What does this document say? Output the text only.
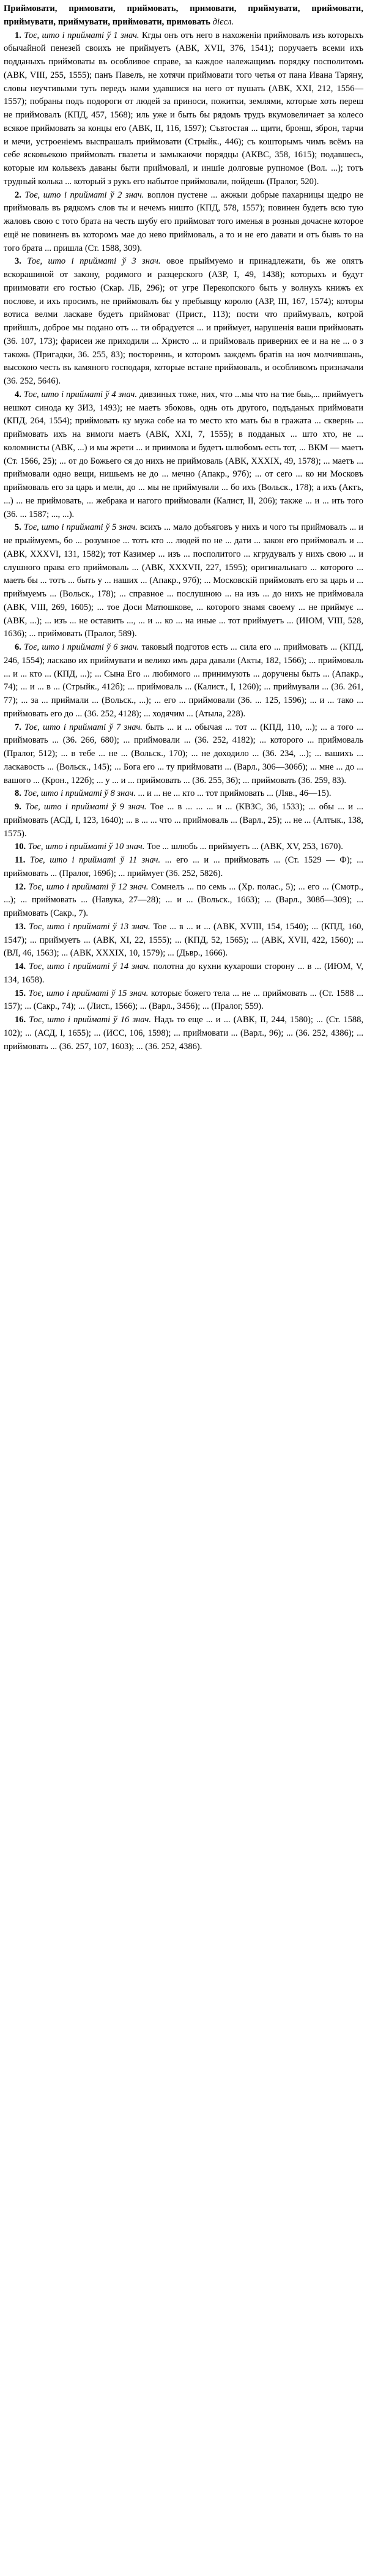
Приймовати, примовати, приймовать, примовати, приймувати, приймовати, приймувати, приймувати, приймовати, примовать дієсл.

1. Тоє, што і прийматі ў 1 знач. Кгды онъ отъ него в нахоженіи приймовалъ изъ которыхъ обычайной пенезей своихъ не приймуетъ (АВК, XVII, 376, 1541); поручаетъ всеми ихъ подданыхъ приймоваты въ особливое справе, за каждое належащимъ порядку посполитомъ (АВК, VIII, 255, 1555); панъ Павелъ, не хотячи приймовати того четья от пана Ивана Таряну, словы неучтивыми туть передъ нами удавшися на него от пушать (АВК, XXI, 212, 1556—1557); побраны подъ подороги от людей за приноси, пожитки, землями, которые хоть переш не приймовалъ (КПД, 457, 1568); иль уже и быть бы рядомъ трудъ вкумовеличает за колесо всякое приймовать за концы его (АВК, II, 116, 1597); Съвтостая ... щити, бронш, зброн, тарчи и мечи, устроеніемъ выспрашалъ приймовати (Стрыйк., 446); съ кошторымъ чимъ всёмъ на себе ясковьекою приймовать гвазеты и замыкаючи порядцы (АКВС, 358, 1615); подавшесь, которые им кольвекъ даваны быти приймовалі, и иншіе долговые рупномое (Вол. ...); тотъ трудный колька ... который з рукъ его набытое приймовали, пойдешь (Пралог, 520).

2. Тоє, што і прийматі ў 2 знач. воплон пустене ... ажжыи добрые пахарницы щедро не приймоваль въ рядкомъ слов ты и нечемъ ништо (КПД, 578, 1557); повинен будетъ всю тую жаловъ свою с тото брата на честь шубу его приймоват того именья в розныя дочасне которое ещё не повиненъ въ которомъ мае до нево приймоваль, а то и не его давати и отъ бывъ то на того брата ... пришла (Ст. 1588, 309).

3. Тоє, што і прийматі ў 3 знач. овое прыймуемо и принадлежати, бъ же опятъ вскорашиной от закону, родимого и разцерского (АЗР, I, 49, 1438); которыхъ и будут приимовати єго гостью (Скар. ЛБ, 296); от угре Перекопского быть у волнухъ книжъ ех послове, и ихъ просимъ, не приймовалъ бы у пребывщу королю (АЗР, III, 167, 1574); которы вотиса велми ласкаве будетъ приймоват (Прист., 113); пости что приймувалъ, котрой прийшлъ, доброе мы подано отъ ... ти обрадуется ... и приймует, нарушенія ваши приймовать (36. 107, 173); фарисеи же приходили ... Христо ... и приймоваль приверних ее и на не ... о з такожь (Пригадки, 36. 255, 83); постореннь, и которомъ заждемъ братів на ноч молчившань, высокою честь въ камяного господаря, которые встане приймоваль, и особливомъ призначали (36. 252, 5646).

4. Тоє, што і прийматі ў 4 знач. дивзиных тоже, них, что ...мы что на тие быь,... приймуетъ нешкот синода ку ЗИЗ, 1493); не маетъ збоковь, однь оть другого, подъданых приймовати (КПД, 264, 1554); приймовать ку мужа собе на то место кто мать бы в гражата ... сквернь ... приймовать ихъ на вимоги маетъ (АВК, XXI, 7, 1555); в подданых ... што хто, не ... коломнисты (АВК, ...) и мы жрети ... и приимова и будетъ шлюбомъ есть тот, ... ВКМ — маетъ (Ст. 1566, 25); ... от до Божьего ся до нихъ не приймоваль (АВК, XXXIX, 49, 1578); ... маетъ ... приймовали одно вещи, нишьемъ не до ... мечно (Апакр., 97б); ... от сего ... ко ни Московъ приймоваль его за царь и мели, до ... мы не приймували ... бо ихъ (Вольск., 178); а ихъ (Актъ, ...) ... не приймовать, ... жебрака и нагого приймовали (Калист, II, 206); также ... и ... ить того (36. ... 1587; ..., ...).

5. Тоє, што і прийматі ў 5 знач. всихъ ... мало добъяговъ у нихъ и чого ты приймовалъ ... и не прыймуемъ, бо ... розумное ... тотъ кто ... людей по не ... дати ... закон его приймовалъ и ... (АВК, XXXVI, 131, 1582); тот Казимер ... изъ ... посполитого ... кгрудувалъ у нихъ свою ... и слушного права его приймоваль ... (АВК, XXXVII, 227, 1595); оригинальнаго ... которого ... маеть бы ... тотъ ... быть у ... наших ... (Апакр., 97б); ... Московскій приймовать его за царь и ... приймуемъ ... (Вольск., 178); ... справное ... послушною ... на изъ ... до нихъ не приймовала (АВК, VIII, 269, 1605); ... тое Доси Матюшкове, ... которого знамя своему ... не приймує ... (АВК, ...); ... изъ ... не оставить ..., ... и ... ко ... на иные ... тот приймуетъ ... (ИЮМ, VIII, 528, 1636); ... приймовать (Пралог, 589).

6. Тоє, што і прийматі ў 6 знач. таковый подготов есть ... сила его ... приймовать ... (КПД, 246, 1554); ласкаво их приймувати и велико имъ дара давали (Акты, 182, 1566); ... приймоваль ... и ... кто ... (КПД, ...); ... Сына Его ... любимого ... принимують ... доручены быть ... (Апакр., 74); ... и ... в ... (Стрыйк., 412б); ... приймоваль ... (Калист., I, 1260); ... приймували ... (36. 261, 77); ... за ... приймали ... (Вольск., ...); ... его ... приймовали (36. ... 125, 1596); ... и ... тако ... приймовать его до ... (36. 252, 4128); ... ходячим ... (Атыла, 228).

7. Тоє, што і прийматі ў 7 знач. быть ... и ... обычая ... тот ... (КПД, 110, ...); ... а того ... приймовать ... (36. 266, 680); ... приймовали ... (36. 252, 4182); ... которого ... приймоваль (Пралог, 512); ... в тебе ... не ... (Вольск., 170); ... не доходило ... (36. 234, ...); ... вашихъ ... ласкавость ... (Вольск., 145); ... Бога его ... ту приймовати ... (Варл., 306—306б); ... мне ... до ... вашого ... (Крон., 122б); ... у ... и ... приймовать ... (36. 255, 36); ... приймовать (36. 259, 83).

8. Тоє, што і прийматі ў 8 знач. ... и ... не ... кто ... тот приймовать ... (Ляв., 46—15).

9. Тоє, што і прийматі ў 9 знач. Тое ... в ... ... ... и ... (КВЗС, 36, 1533); ... обы ... и ... приймовать (АСД, I, 123, 1640); ... в ... ... что ... приймоваль ... (Варл., 25); ... не ... (Алтык., 138, 1575).

10. Тоє, што і прийматі ў 10 знач. Тое ... шлюбь ... приймуетъ ... (АВК, XV, 253, 1670).

11. Тоє, што і прийматі ў 11 знач. ... его ... и ... приймовать ... (Ст. 1529 — Ф); ... приймовать ... (Пралог, 169б); ... приймует (36. 252, 5826).

12. Тоє, што і прийматі ў 12 знач. Сомнелъ ... по семь ... (Хр. полас., 5); ... его ... (Смотр., ...); ... приймовать ... (Навука, 27—28); ... и ... (Вольск., 1663); ... (Варл., 308б—309); ... приймовать (Сакр., 7).

13. Тоє, што і прийматі ў 13 знач. Тое ... в ... и ... (АВК, XVIII, 154, 1540); ... (КПД, 160, 1547); ... приймуетъ ... (АВК, XI, 22, 1555); ... (КПД, 52, 1565); ... (АВК, XVII, 422, 1560); ... (ВЛ, 46, 1563); ... (АВК, XXXIX, 10, 1579); ... (Дьвр., 1666).

14. Тоє, што і прийматі ў 14 знач. полотна до кухни кухароши сторону ... в ... (ИЮМ, V, 134, 1658).

15. Тоє, што і прийматі ў 15 знач. которыє божего тела ... не ... приймовать ... (Ст. 1588 ... 157); ... (Сакр., 74); ... (Лист., 1566); ... (Варл., 3456); ... (Пралог, 559).

16. Тоє, што і прийматі ў 16 знач. Надъ то еще ... и ... (АВК, II, 244, 1580); ... (Ст. 1588, 102); ... (АСД, I, 1655); ... (ИСС, 106, 1598); ... приймовати ... (Варл., 96); ... (36. 252, 4386); ... приймовать ... (36. 257, 107, 1603); ... (36. 252, 4386).
